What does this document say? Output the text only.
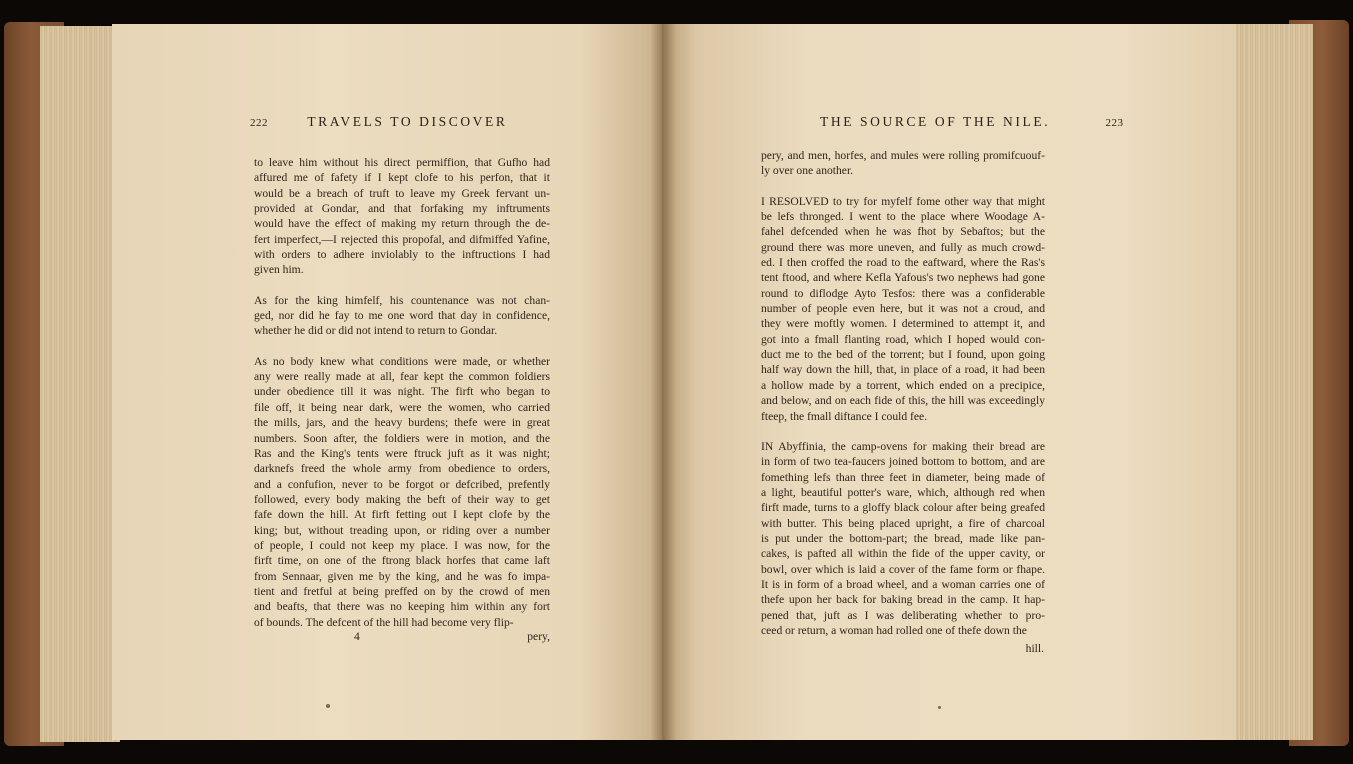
222	TRAVELS TO DISCOVER	THE SOURCE OF THE NILE.	223
to leave him without his direct permiffion, that Gufho had
affured me of fafety if I kept clofe to his perfon, that it
would be a breach of truft to leave my Greek fervant un-
provided at Gondar, and that forfaking my inftruments
would have the effect of making my return through the de-
fert imperfect,—I rejected this propofal, and difmiffed Yafine,
with orders to adhere inviolably to the inftructions I had
given him.
As for the king himfelf, his countenance was not chan-
ged, nor did he fay to me one word that day in confidence,
whether he did or did not intend to return to Gondar.
As no body knew what conditions were made, or whether
any were really made at all, fear kept the common foldiers
under obedience till it was night. The firft who began to
file off, it being near dark, were the women, who carried
the mills, jars, and the heavy burdens; thefe were in great
numbers. Soon after, the foldiers were in motion, and the
Ras and the King's tents were ftruck juft as it was night;
darknefs freed the whole army from obedience to orders,
and a confufion, never to be forgot or defcribed, prefently
followed, every body making the beft of their way to get
fafe down the hill. At firft fetting out I kept clofe by the
king; but, without treading upon, or riding over a number
of people, I could not keep my place. I was now, for the
firft time, on one of the ftrong black horfes that came laft
from Sennaar, given me by the king, and he was fo impa-
tient and fretful at being preffed on by the crowd of men
and beafts, that there was no keeping him within any fort
of bounds. The defcent of the hill had become very flip-
4	pery,
pery, and men, horfes, and mules were rolling promifcuouf-
ly over one another.
I RESOLVED to try for myfelf fome other way that might
be lefs thronged. I went to the place where Woodage A-
fahel defcended when he was fhot by Sebaftos; but the
ground there was more uneven, and fully as much crowd-
ed. I then croffed the road to the eaftward, where the Ras's
tent ftood, and where Kefla Yafous's two nephews had gone
round to diflodge Ayto Tesfos: there was a confiderable
number of people even here, but it was not a croud, and
they were moftly women. I determined to attempt it, and
got into a fmall flanting road, which I hoped would con-
duct me to the bed of the torrent; but I found, upon going
half way down the hill, that, in place of a road, it had been
a hollow made by a torrent, which ended on a precipice,
and below, and on each fide of this, the hill was exceedingly
fteep, the fmall diftance I could fee.
IN Abyffinia, the camp-ovens for making their bread are
in form of two tea-faucers joined bottom to bottom, and are
fomething lefs than three feet in diameter, being made of
a light, beautiful potter's ware, which, although red when
firft made, turns to a gloffy black colour after being greafed
with butter. This being placed upright, a fire of charcoal
is put under the bottom-part; the bread, made like pan-
cakes, is pafted all within the fide of the upper cavity, or
bowl, over which is laid a cover of the fame form or fhape.
It is in form of a broad wheel, and a woman carries one of
thefe upon her back for baking bread in the camp. It hap-
pened that, juft as I was deliberating whether to pro-
ceed or return, a woman had rolled one of thefe down the
hill.
